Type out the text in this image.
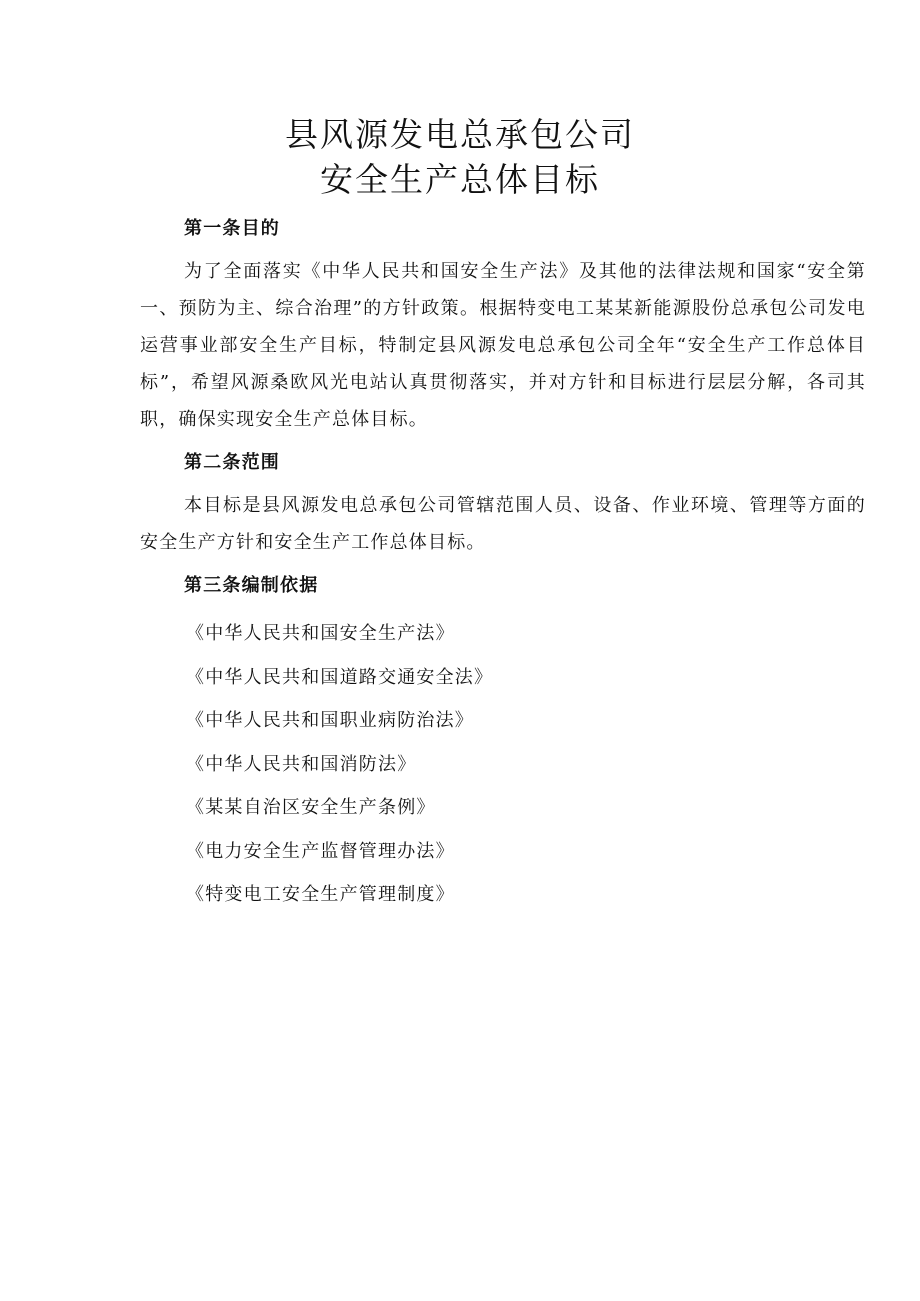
县风源发电总承包公司
安全生产总体目标

第一条目的

为了全面落实《中华人民共和国安全生产法》及其他的法律法规和国家“安全第一、预防为主、综合治理”的方针政策。根据特变电工某某新能源股份总承包公司发电运营事业部安全生产目标，特制定县风源发电总承包公司全年“安全生产工作总体目标”，希望风源桑欧风光电站认真贯彻落实，并对方针和目标进行层层分解，各司其职，确保实现安全生产总体目标。

第二条范围

本目标是县风源发电总承包公司管辖范围人员、设备、作业环境、管理等方面的安全生产方针和安全生产工作总体目标。

第三条编制依据

《中华人民共和国安全生产法》
《中华人民共和国道路交通安全法》
《中华人民共和国职业病防治法》
《中华人民共和国消防法》
《某某自治区安全生产条例》
《电力安全生产监督管理办法》
《特变电工安全生产管理制度》
